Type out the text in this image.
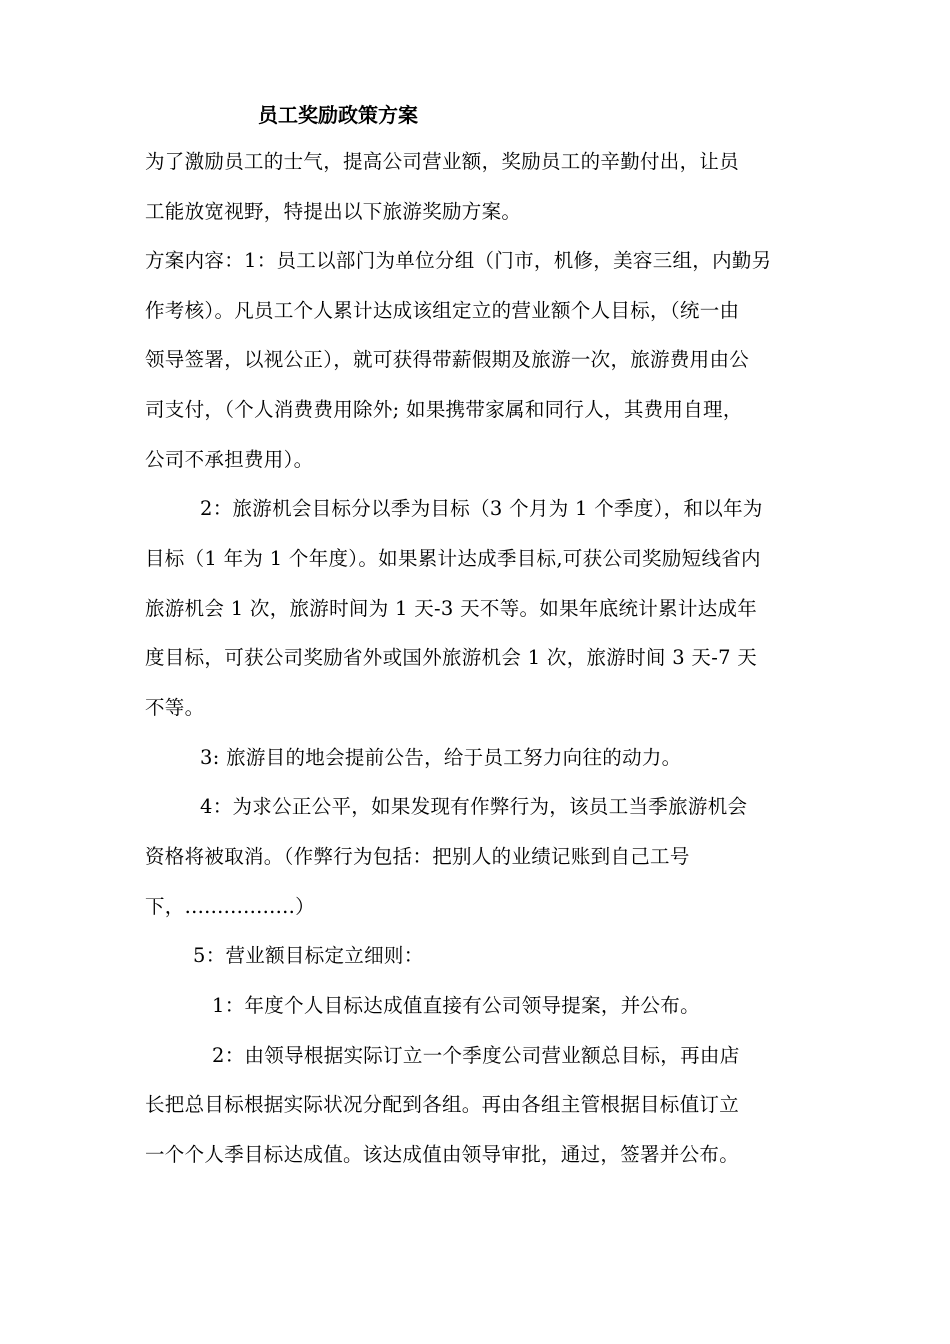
员工奖励政策方案
为了激励员工的士气，提高公司营业额，奖励员工的辛勤付出，让员
工能放宽视野，特提出以下旅游奖励方案。
方案内容：1：员工以部门为单位分组（门市，机修，美容三组，内勤另
作考核）。凡员工个人累计达成该组定立的营业额个人目标，（统一由
领导签署，以视公正），就可获得带薪假期及旅游一次，旅游费用由公
司支付，（个人消费费用除外; 如果携带家属和同行人，其费用自理，
公司不承担费用）。
2：旅游机会目标分以季为目标（3 个月为 1 个季度），和以年为
目标（1 年为 1 个年度）。如果累计达成季目标,可获公司奖励短线省内
旅游机会 1 次，旅游时间为 1 天-3 天不等。如果年底统计累计达成年
度目标，可获公司奖励省外或国外旅游机会 1 次，旅游时间 3 天-7 天
不等。
3: 旅游目的地会提前公告，给于员工努力向往的动力。
4：为求公正公平，如果发现有作弊行为，该员工当季旅游机会
资格将被取消。（作弊行为包括：把别人的业绩记账到自己工号
下，.................）
5：营业额目标定立细则：
1：年度个人目标达成值直接有公司领导提案，并公布。
2：由领导根据实际订立一个季度公司营业额总目标，再由店
长把总目标根据实际状况分配到各组。再由各组主管根据目标值订立
一个个人季目标达成值。该达成值由领导审批，通过，签署并公布。
